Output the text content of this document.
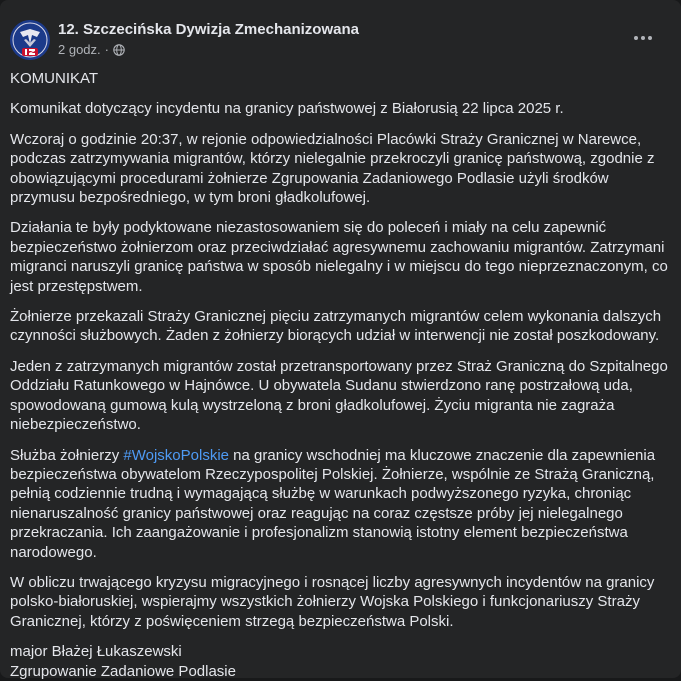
12. Szczecińska Dywizja Zmechanizowana
2 godz. ·

KOMUNIKAT

Komunikat dotyczący incydentu na granicy państwowej z Białorusią 22 lipca 2025 r.

Wczoraj o godzinie 20:37, w rejonie odpowiedzialności Placówki Straży Granicznej w Narewce, podczas zatrzymywania migrantów, którzy nielegalnie przekroczyli granicę państwową, zgodnie z obowiązującymi procedurami żołnierze Zgrupowania Zadaniowego Podlasie użyli środków przymusu bezpośredniego, w tym broni gładkolufowej.

Działania te były podyktowane niezastosowaniem się do poleceń i miały na celu zapewnić bezpieczeństwo żołnierzom oraz przeciwdziałać agresywnemu zachowaniu migrantów. Zatrzymani migranci naruszyli granicę państwa w sposób nielegalny i w miejscu do tego nieprzeznaczonym, co jest przestępstwem.

Żołnierze przekazali Straży Granicznej pięciu zatrzymanych migrantów celem wykonania dalszych czynności służbowych. Żaden z żołnierzy biorących udział w interwencji nie został poszkodowany.

Jeden z zatrzymanych migrantów został przetransportowany przez Straż Graniczną do Szpitalnego Oddziału Ratunkowego w Hajnówce. U obywatela Sudanu stwierdzono ranę postrzałową uda, spowodowaną gumową kulą wystrzeloną z broni gładkolufowej. Życiu migranta nie zagraża niebezpieczeństwo.

Służba żołnierzy #WojskoPolskie na granicy wschodniej ma kluczowe znaczenie dla zapewnienia bezpieczeństwa obywatelom Rzeczypospolitej Polskiej. Żołnierze, wspólnie ze Strażą Graniczną, pełnią codziennie trudną i wymagającą służbę w warunkach podwyższonego ryzyka, chroniąc nienaruszalność granicy państwowej oraz reagując na coraz częstsze próby jej nielegalnego przekraczania. Ich zaangażowanie i profesjonalizm stanowią istotny element bezpieczeństwa narodowego.

W obliczu trwającego kryzysu migracyjnego i rosnącej liczby agresywnych incydentów na granicy polsko-białoruskiej, wspierajmy wszystkich żołnierzy Wojska Polskiego i funkcjonariuszy Straży Granicznej, którzy z poświęceniem strzegą bezpieczeństwa Polski.

major Błażej Łukaszewski
Zgrupowanie Zadaniowe Podlasie
